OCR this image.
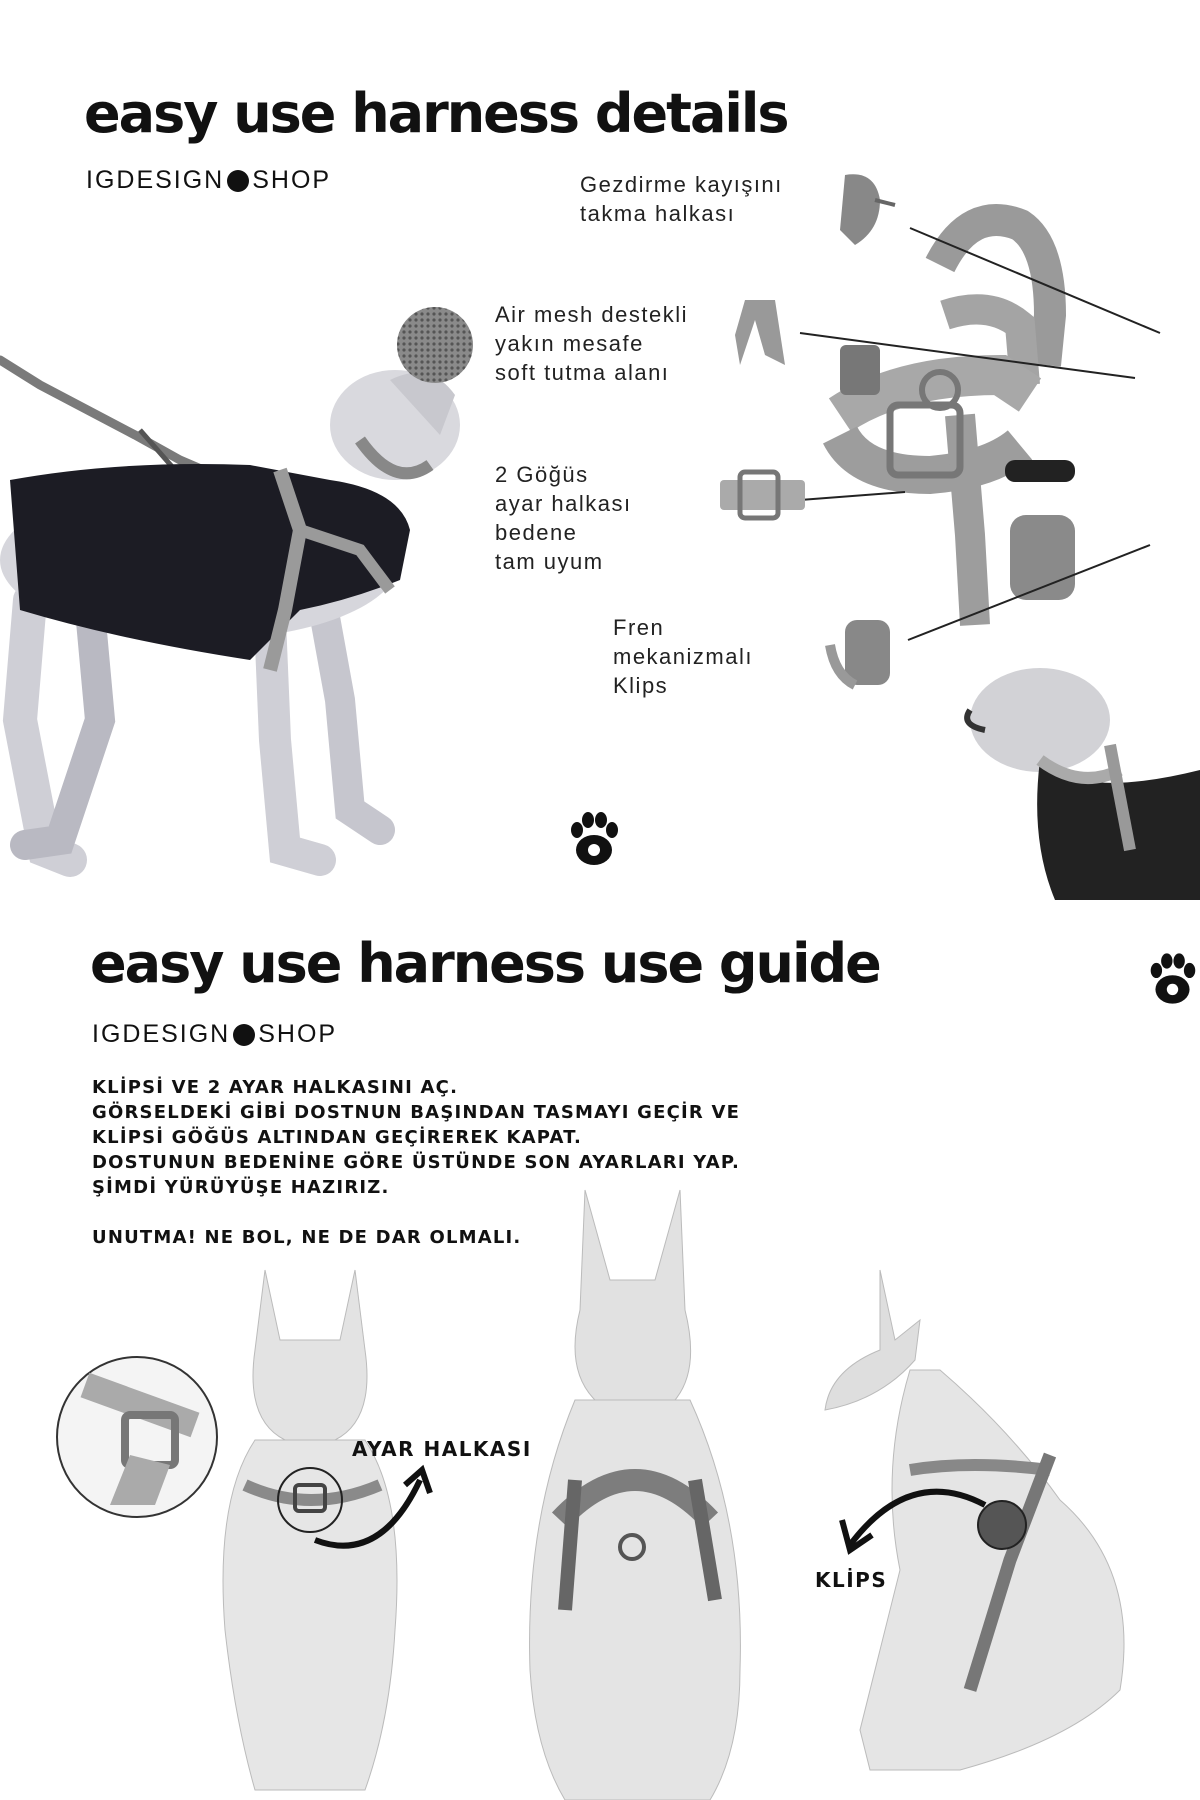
easy use harness details
IGDESIGN SHOP	Gezdirme kayışını
takma halkası
Air mesh destekli
yakın mesafe
soft tutma alanı
2 Göğüs
ayar halkası
bedene
tam uyum
Fren
mekanizmalı
Klips
easy use harness use guide
IGDESIGN SHOP
KLİPSİ VE 2 AYAR HALKASINI AÇ.
GÖRSELDEKİ GİBİ DOSTNUN BAŞINDAN TASMAYI GEÇİR VE
KLİPSİ GÖĞÜS ALTINDAN GEÇİREREK KAPAT.
DOSTUNUN BEDENİNE GÖRE ÜSTÜNDE SON AYARLARI YAP.
ŞİMDİ YÜRÜYÜŞE HAZIRIZ.
UNUTMA! NE BOL, NE DE DAR OLMALI.
AYAR HALKASI
KLİPS
